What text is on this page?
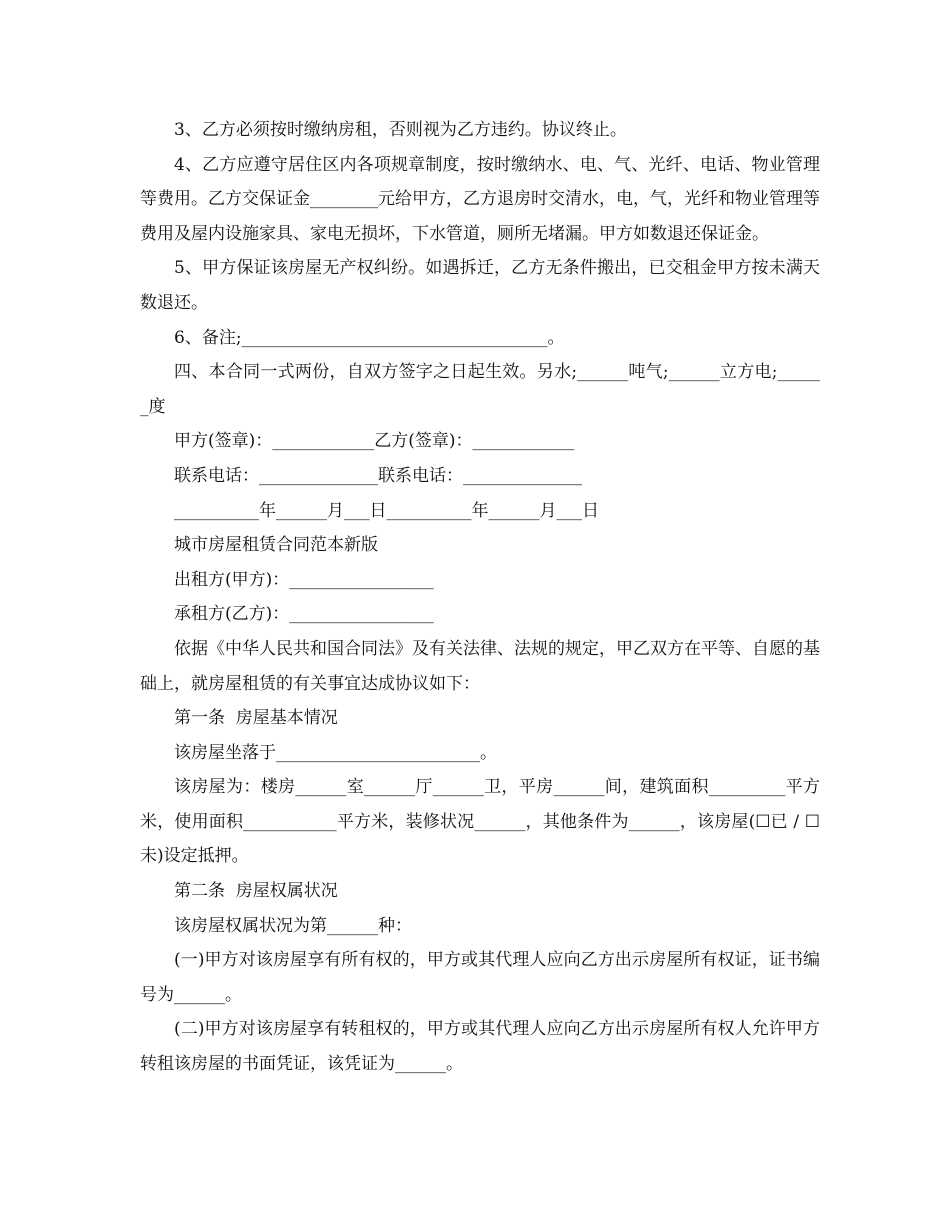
3、乙方必须按时缴纳房租，否则视为乙方违约。协议终止。

4、乙方应遵守居住区内各项规章制度，按时缴纳水、电、气、光纤、电话、物业管理等费用。乙方交保证金________元给甲方，乙方退房时交清水，电，气，光纤和物业管理等费用及屋内设施家具、家电无损坏，下水管道，厕所无堵漏。甲方如数退还保证金。

5、甲方保证该房屋无产权纠纷。如遇拆迁，乙方无条件搬出，已交租金甲方按未满天数退还。

6、备注;____________________________________。

四、本合同一式两份，自双方签字之日起生效。另水;______吨气;______立方电;______度

甲方(签章)：____________乙方(签章)：____________

联系电话：______________联系电话：______________

__________年______月___日__________年______月___日

城市房屋租赁合同范本新版

出租方(甲方)：_________________

承租方(乙方)：_________________

依据《中华人民共和国合同法》及有关法律、法规的规定，甲乙双方在平等、自愿的基础上，就房屋租赁的有关事宜达成协议如下：

第一条  房屋基本情况

该房屋坐落于________________________。

该房屋为：楼房______室______厅______卫，平房______间，建筑面积_________平方米，使用面积___________平方米，装修状况______，其他条件为______，该房屋(☐已 / ☐未)设定抵押。

第二条  房屋权属状况

该房屋权属状况为第______种：

(一)甲方对该房屋享有所有权的，甲方或其代理人应向乙方出示房屋所有权证，证书编号为______。

(二)甲方对该房屋享有转租权的，甲方或其代理人应向乙方出示房屋所有权人允许甲方转租该房屋的书面凭证，该凭证为______。
